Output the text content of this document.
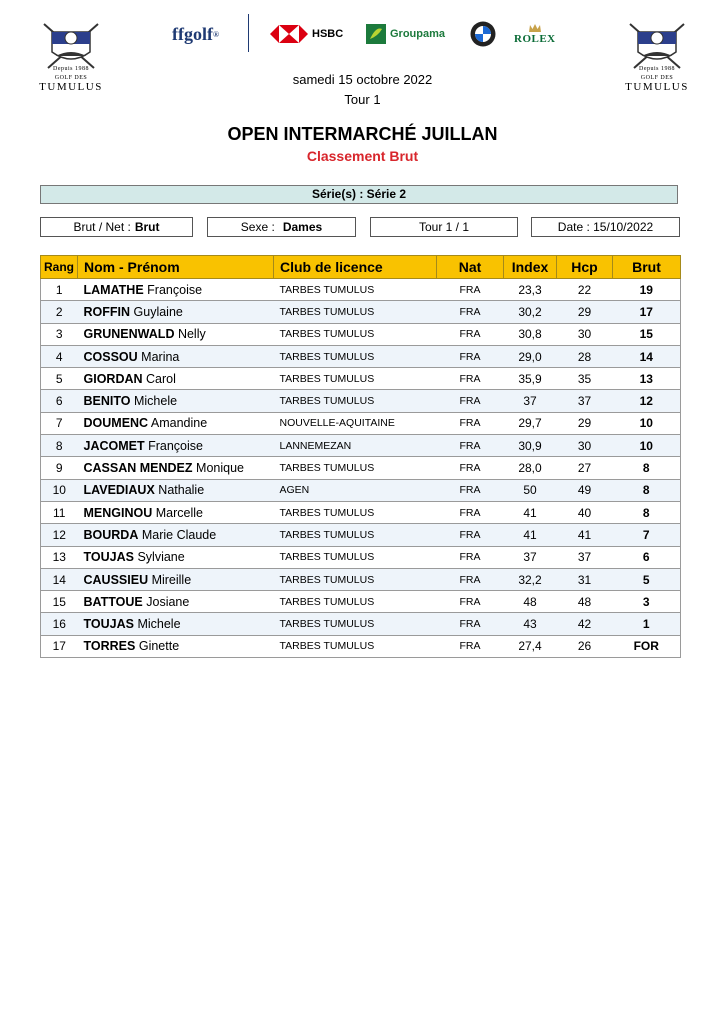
Depuis 1988
GOLF DES
TUMULUS
Depuis 1988
GOLF DES
TUMULUS
ffgolf ®	HSBC	Groupama	ROLEX
samedi 15 octobre 2022
Tour 1
OPEN INTERMARCHÉ JUILLAN
Classement Brut
Série(s) : Série 2
Brut / Net : Brut	Sexe : Dames	Tour 1 / 1	Date : 15/10/2022
Rang	Nom - Prénom	Club de licence	Nat	Index	Hcp	Brut
1	LAMATHE Françoise	TARBES TUMULUS	FRA	23,3	22	19
2	ROFFIN Guylaine	TARBES TUMULUS	FRA	30,2	29	17
3	GRUNENWALD Nelly	TARBES TUMULUS	FRA	30,8	30	15
4	COSSOU Marina	TARBES TUMULUS	FRA	29,0	28	14
5	GIORDAN Carol	TARBES TUMULUS	FRA	35,9	35	13
6	BENITO Michele	TARBES TUMULUS	FRA	37	37	12
7	DOUMENC Amandine	NOUVELLE-AQUITAINE	FRA	29,7	29	10
8	JACOMET Françoise	LANNEMEZAN	FRA	30,9	30	10
9	CASSAN MENDEZ Monique	TARBES TUMULUS	FRA	28,0	27	8
10	LAVEDIAUX Nathalie	AGEN	FRA	50	49	8
11	MENGINOU Marcelle	TARBES TUMULUS	FRA	41	40	8
12	BOURDA Marie Claude	TARBES TUMULUS	FRA	41	41	7
13	TOUJAS Sylviane	TARBES TUMULUS	FRA	37	37	6
14	CAUSSIEU Mireille	TARBES TUMULUS	FRA	32,2	31	5
15	BATTOUE Josiane	TARBES TUMULUS	FRA	48	48	3
16	TOUJAS Michele	TARBES TUMULUS	FRA	43	42	1
17	TORRES Ginette	TARBES TUMULUS	FRA	27,4	26	FOR
